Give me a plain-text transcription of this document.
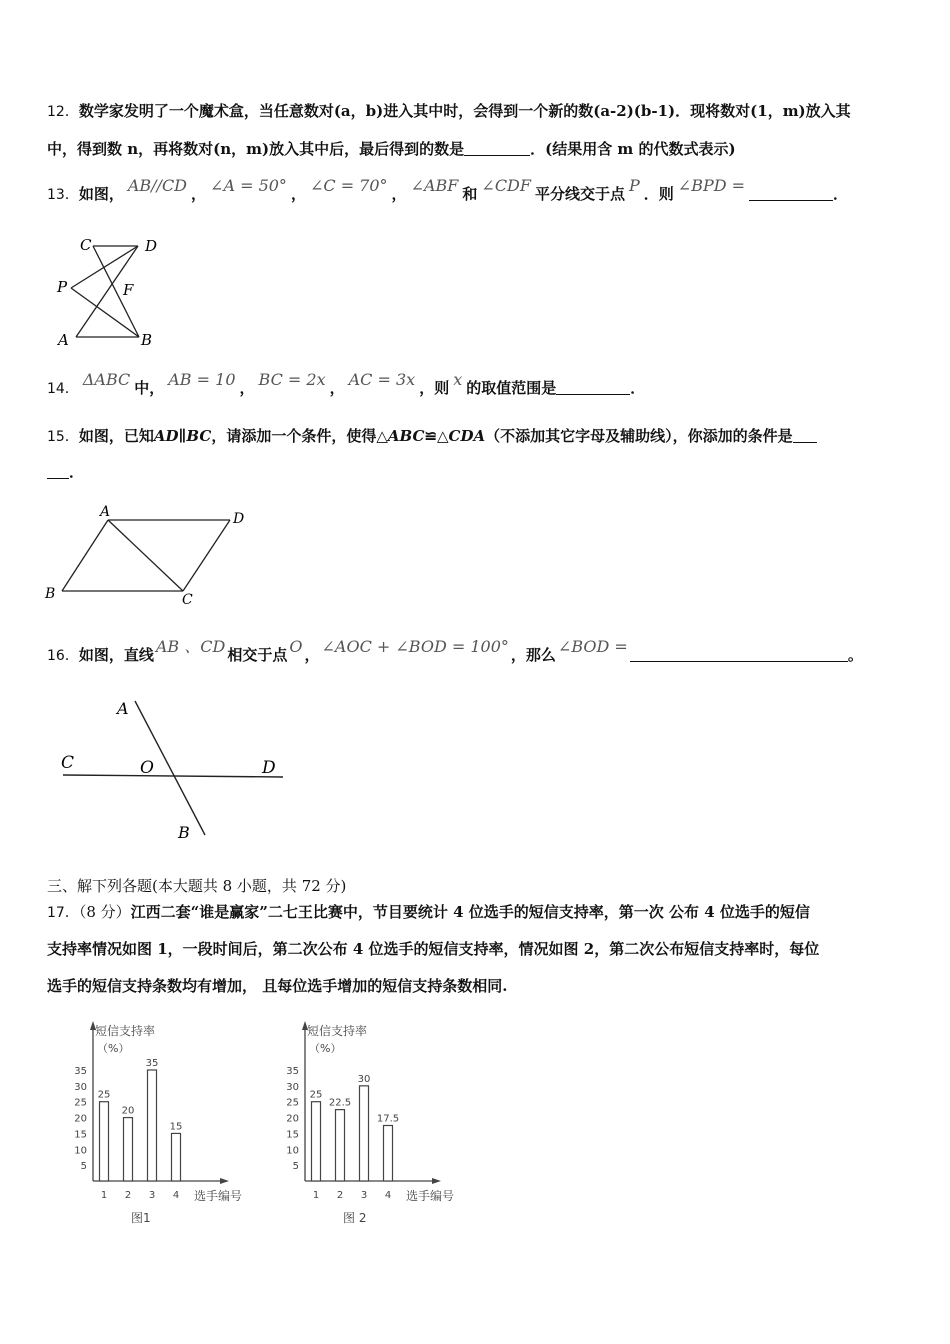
12．数学家发明了一个魔术盒，当任意数对(a，b)进入其中时，会得到一个新的数(a-2)(b-1)．现将数对(1，m)放入其
中，得到数 n，再将数对(n，m)放入其中后，最后得到的数是	．(结果用含 m 的代数式表示)
13．如图， AB//CD ， ∠A = 50° ， ∠C = 70° ， ∠ABF 和 ∠CDF 平分线交于点 P ．则 ∠BPD =	．
C	D
P	F
A	B
14． ΔABC 中， AB = 10 ， BC = 2x ， AC = 3x ，则 x 的取值范围是	．
15．如图，已知AD∥BC，请添加一个条件，使得△ABC≌△CDA（不添加其它字母及辅助线），你添加的条件是
．
A	D
B	C
16．如图，直线 AB 、CD 相交于点 O ， ∠AOC + ∠BOD = 100° ，那么 ∠BOD =	。
A
C	O	D
B
三、解下列各题(本大题共 8 小题，共 72 分)
17．（8 分）江西二套“谁是赢家”二七王比赛中，节目要统计 4 位选手的短信支持率，第一次 公布 4 位选手的短信
支持率情况如图 1，一段时间后，第二次公布 4 位选手的短信支持率，情况如图 2，第二次公布短信支持率时，每位
选手的短信支持条数均有增加， 且每位选手增加的短信支持条数相同.
短信支持率
（%）
选手编号
图1
5
10
15
20
25
30
35
25
1
20
2
35
3
15
4
短信支持率
（%）
选手编号
图 2
5
10
15
20
25
30
35
25
1
22.5
2
30
3
17.5
4
